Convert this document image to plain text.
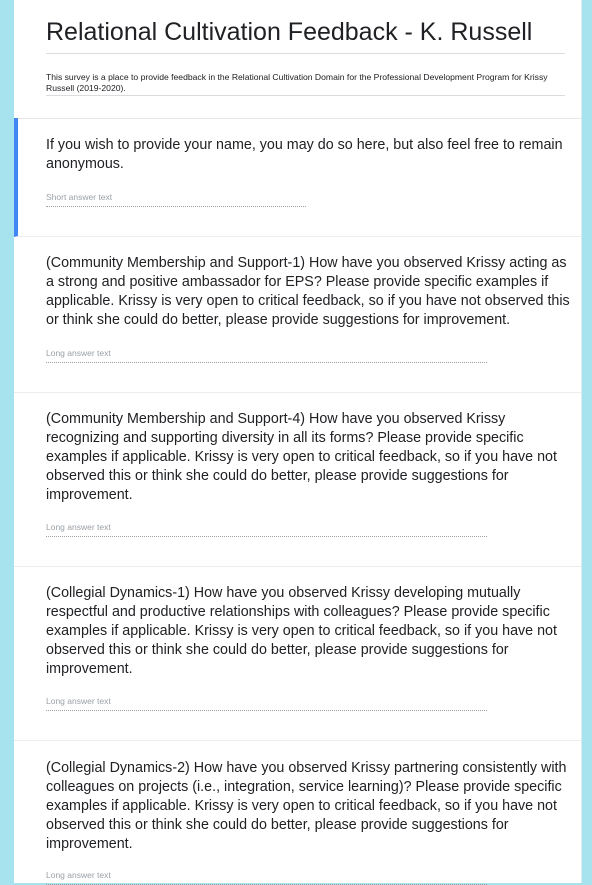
Relational Cultivation Feedback - K. Russell

This survey is a place to provide feedback in the Relational Cultivation Domain for the Professional Development Program for Krissy Russell (2019-2020).

If you wish to provide your name, you may do so here, but also feel free to remain anonymous.

Short answer text

(Community Membership and Support-1) How have you observed Krissy acting as a strong and positive ambassador for EPS? Please provide specific examples if applicable. Krissy is very open to critical feedback, so if you have not observed this or think she could do better, please provide suggestions for improvement.

Long answer text

(Community Membership and Support-4) How have you observed Krissy recognizing and supporting diversity in all its forms? Please provide specific examples if applicable. Krissy is very open to critical feedback, so if you have not observed this or think she could do better, please provide suggestions for improvement.

Long answer text

(Collegial Dynamics-1) How have you observed Krissy developing mutually respectful and productive relationships with colleagues? Please provide specific examples if applicable. Krissy is very open to critical feedback, so if you have not observed this or think she could do better, please provide suggestions for improvement.

Long answer text

(Collegial Dynamics-2) How have you observed Krissy partnering consistently with colleagues on projects (i.e., integration, service learning)? Please provide specific examples if applicable. Krissy is very open to critical feedback, so if you have not observed this or think she could do better, please provide suggestions for improvement.

Long answer text
